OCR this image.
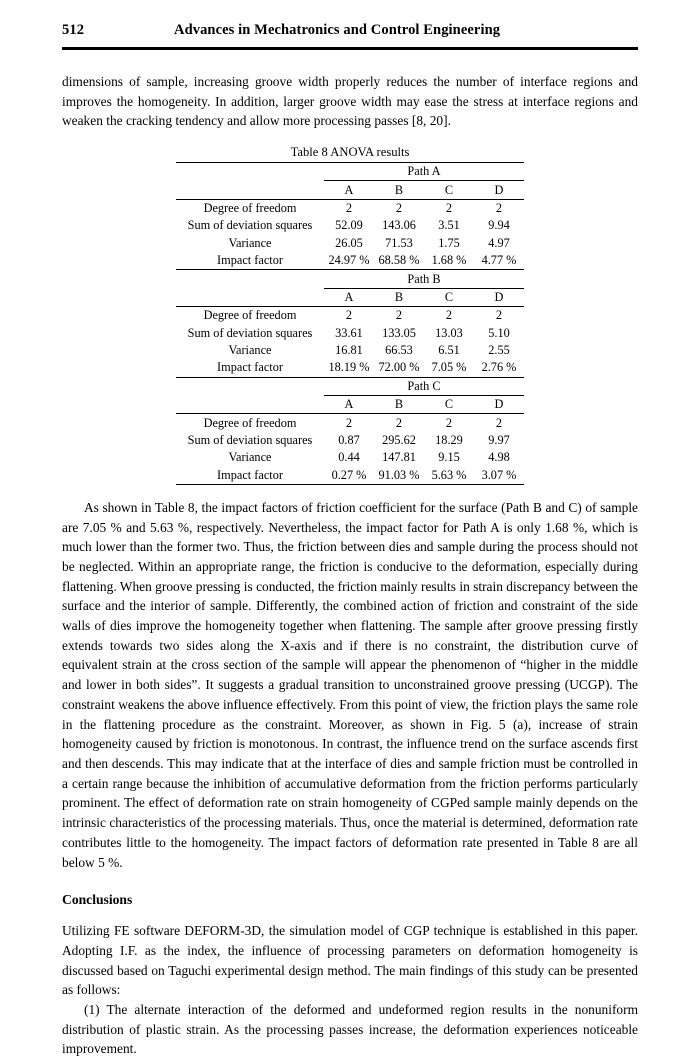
512	Advances in Mechatronics and Control Engineering

dimensions of sample, increasing groove width properly reduces the number of interface regions and improves the homogeneity. In addition, larger groove width may ease the stress at interface regions and weaken the cracking tendency and allow more processing passes [8, 20].

Table 8 ANOVA results
	Path A			
	A	B	C	D
Degree of freedom	2	2	2	2
Sum of deviation squares	52.09	143.06	3.51	9.94
Variance	26.05	71.53	1.75	4.97
Impact factor	24.97 %	68.58 %	1.68 %	4.77 %
	Path B			
	A	B	C	D
Degree of freedom	2	2	2	2
Sum of deviation squares	33.61	133.05	13.03	5.10
Variance	16.81	66.53	6.51	2.55
Impact factor	18.19 %	72.00 %	7.05 %	2.76 %
	Path C			
	A	B	C	D
Degree of freedom	2	2	2	2
Sum of deviation squares	0.87	295.62	18.29	9.97
Variance	0.44	147.81	9.15	4.98
Impact factor	0.27 %	91.03 %	5.63 %	3.07 %

As shown in Table 8, the impact factors of friction coefficient for the surface (Path B and C) of sample are 7.05 % and 5.63 %, respectively. Nevertheless, the impact factor for Path A is only 1.68 %, which is much lower than the former two. Thus, the friction between dies and sample during the process should not be neglected. Within an appropriate range, the friction is conducive to the deformation, especially during flattening. When groove pressing is conducted, the friction mainly results in strain discrepancy between the surface and the interior of sample. Differently, the combined action of friction and constraint of the side walls of dies improve the homogeneity together when flattening. The sample after groove pressing firstly extends towards two sides along the X-axis and if there is no constraint, the distribution curve of equivalent strain at the cross section of the sample will appear the phenomenon of “higher in the middle and lower in both sides”. It suggests a gradual transition to unconstrained groove pressing (UCGP). The constraint weakens the above influence effectively. From this point of view, the friction plays the same role in the flattening procedure as the constraint. Moreover, as shown in Fig. 5 (a), increase of strain homogeneity caused by friction is monotonous. In contrast, the influence trend on the surface ascends first and then descends. This may indicate that at the interface of dies and sample friction must be controlled in a certain range because the inhibition of accumulative deformation from the friction performs particularly prominent. The effect of deformation rate on strain homogeneity of CGPed sample mainly depends on the intrinsic characteristics of the processing materials. Thus, once the material is determined, deformation rate contributes little to the homogeneity. The impact factors of deformation rate presented in Table 8 are all below 5 %.

Conclusions

Utilizing FE software DEFORM-3D, the simulation model of CGP technique is established in this paper. Adopting I.F. as the index, the influence of processing parameters on deformation homogeneity is discussed based on Taguchi experimental design method. The main findings of this study can be presented as follows:

(1) The alternate interaction of the deformed and undeformed region results in the nonuniform distribution of plastic strain. As the processing passes increase, the deformation experiences noticeable improvement.
